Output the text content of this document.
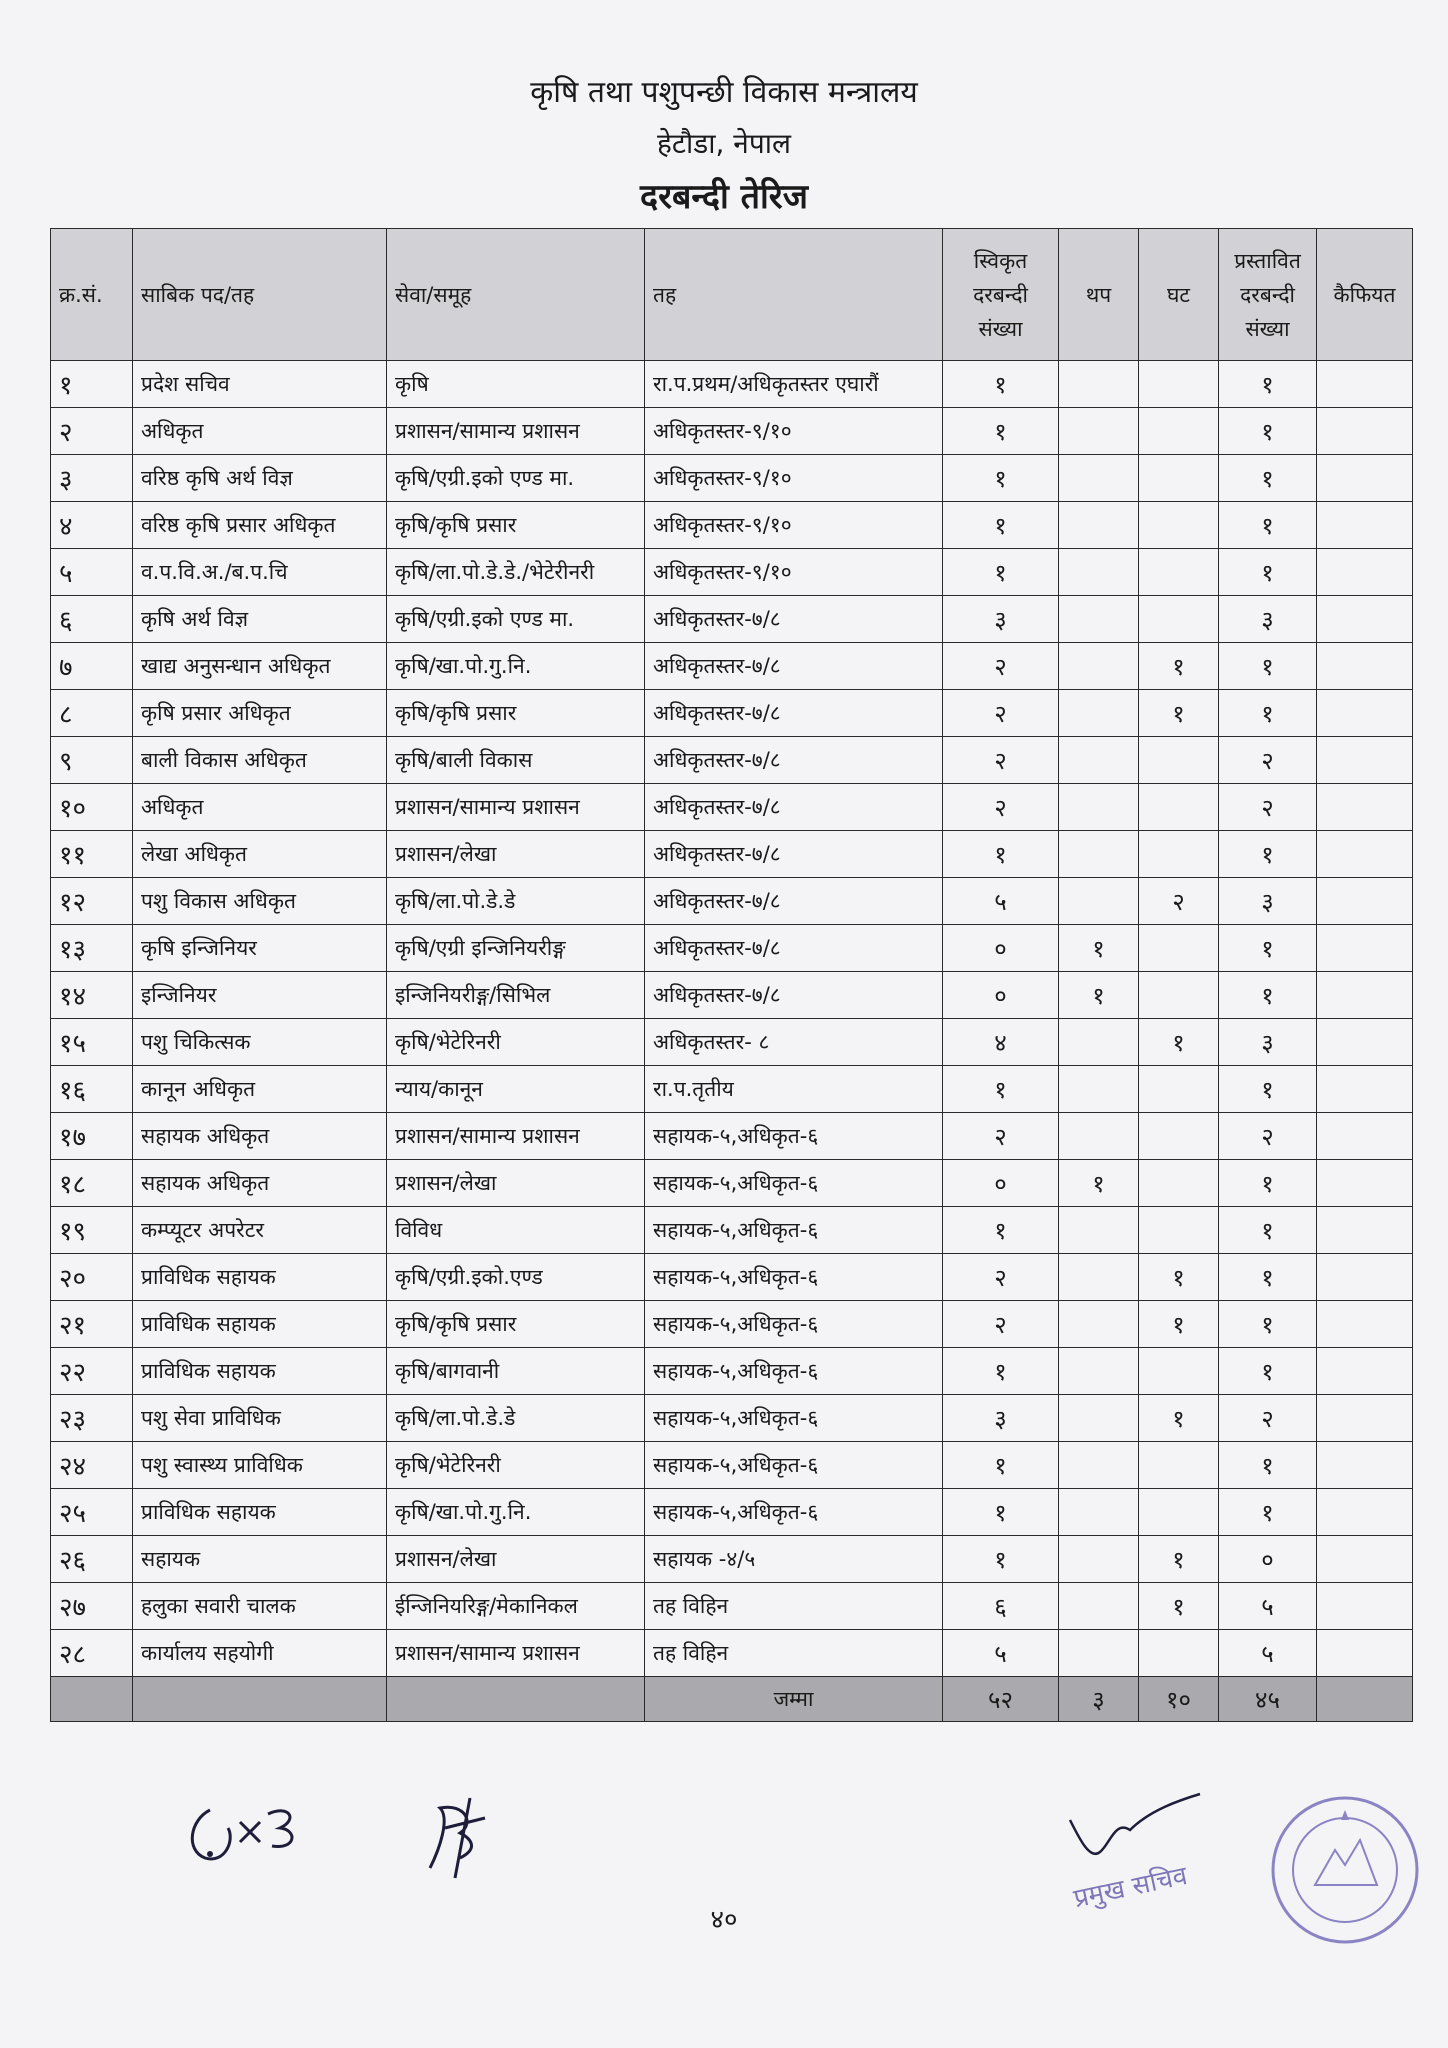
कृषि तथा पशुपन्छी विकास मन्त्रालय
हेटौडा, नेपाल
दरबन्दी तेरिज
क्र.सं.	साबिक पद/तह	सेवा/समूह	तह	स्विकृत दरबन्दी संख्या	थप	घट	प्रस्तावित दरबन्दी संख्या	कैफियत
१	प्रदेश सचिव	कृषि	रा.प.प्रथम/अधिकृतस्तर एघारौं	१			१	
२	अधिकृत	प्रशासन/सामान्य प्रशासन	अधिकृतस्तर-९/१०	१			१	
३	वरिष्ठ कृषि अर्थ विज्ञ	कृषि/एग्री.इको एण्ड मा.	अधिकृतस्तर-९/१०	१			१	
४	वरिष्ठ कृषि प्रसार अधिकृत	कृषि/कृषि प्रसार	अधिकृतस्तर-९/१०	१			१	
५	व.प.वि.अ./ब.प.चि	कृषि/ला.पो.डे.डे./भेटेरीनरी	अधिकृतस्तर-९/१०	१			१	
६	कृषि अर्थ विज्ञ	कृषि/एग्री.इको एण्ड मा.	अधिकृतस्तर-७/८	३			३	
७	खाद्य अनुसन्धान अधिकृत	कृषि/खा.पो.गु.नि.	अधिकृतस्तर-७/८	२		१	१	
८	कृषि प्रसार अधिकृत	कृषि/कृषि प्रसार	अधिकृतस्तर-७/८	२		१	१	
९	बाली विकास अधिकृत	कृषि/बाली विकास	अधिकृतस्तर-७/८	२			२	
१०	अधिकृत	प्रशासन/सामान्य प्रशासन	अधिकृतस्तर-७/८	२			२	
११	लेखा अधिकृत	प्रशासन/लेखा	अधिकृतस्तर-७/८	१			१	
१२	पशु विकास अधिकृत	कृषि/ला.पो.डे.डे	अधिकृतस्तर-७/८	५		२	३	
१३	कृषि इन्जिनियर	कृषि/एग्री इन्जिनियरीङ्ग	अधिकृतस्तर-७/८	०	१		१	
१४	इन्जिनियर	इन्जिनियरीङ्ग/सिभिल	अधिकृतस्तर-७/८	०	१		१	
१५	पशु चिकित्सक	कृषि/भेटेरिनरी	अधिकृतस्तर- ८	४		१	३	
१६	कानून अधिकृत	न्याय/कानून	रा.प.तृतीय	१			१	
१७	सहायक अधिकृत	प्रशासन/सामान्य प्रशासन	सहायक-५,अधिकृत-६	२			२	
१८	सहायक अधिकृत	प्रशासन/लेखा	सहायक-५,अधिकृत-६	०	१		१	
१९	कम्प्यूटर अपरेटर	विविध	सहायक-५,अधिकृत-६	१			१	
२०	प्राविधिक सहायक	कृषि/एग्री.इको.एण्ड	सहायक-५,अधिकृत-६	२		१	१	
२१	प्राविधिक सहायक	कृषि/कृषि प्रसार	सहायक-५,अधिकृत-६	२		१	१	
२२	प्राविधिक सहायक	कृषि/बागवानी	सहायक-५,अधिकृत-६	१			१	
२३	पशु सेवा प्राविधिक	कृषि/ला.पो.डे.डे	सहायक-५,अधिकृत-६	३		१	२	
२४	पशु स्वास्थ्य प्राविधिक	कृषि/भेटेरिनरी	सहायक-५,अधिकृत-६	१			१	
२५	प्राविधिक सहायक	कृषि/खा.पो.गु.नि.	सहायक-५,अधिकृत-६	१			१	
२६	सहायक	प्रशासन/लेखा	सहायक -४/५	१		१	०	
२७	हलुका सवारी चालक	ईन्जिनियरिङ्ग/मेकानिकल	तह विहिन	६		१	५	
२८	कार्यालय सहयोगी	प्रशासन/सामान्य प्रशासन	तह विहिन	५			५	
			जम्मा	५२	३	१०	४५	
प्रमुख सचिव
४०
